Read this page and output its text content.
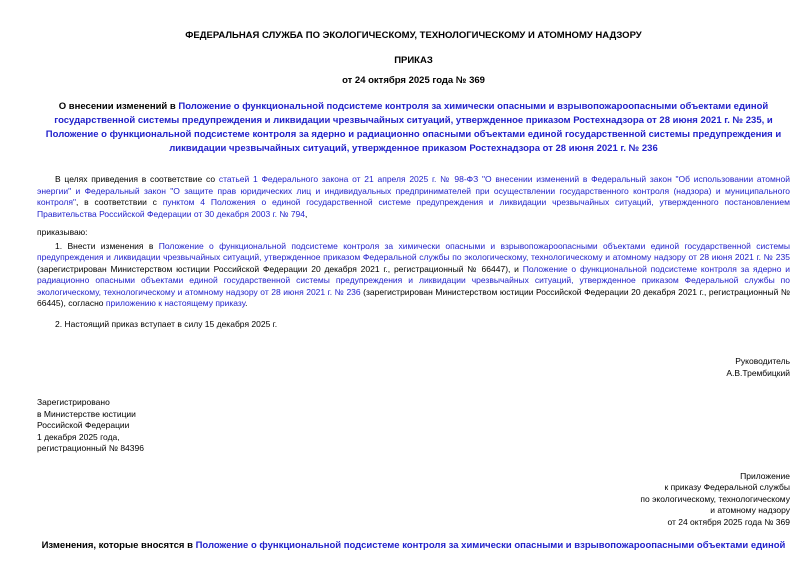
ФЕДЕРАЛЬНАЯ СЛУЖБА ПО ЭКОЛОГИЧЕСКОМУ, ТЕХНОЛОГИЧЕСКОМУ И АТОМНОМУ НАДЗОРУ
ПРИКАЗ
от 24 октября 2025 года № 369
О внесении изменений в Положение о функциональной подсистеме контроля за химически опасными и взрывопожароопасными объектами единой государственной системы предупреждения и ликвидации чрезвычайных ситуаций, утвержденное приказом Ростехнадзора от 28 июня 2021 г. № 235, и Положение о функциональной подсистеме контроля за ядерно и радиационно опасными объектами единой государственной системы предупреждения и ликвидации чрезвычайных ситуаций, утвержденное приказом Ростехнадзора от 28 июня 2021 г. № 236

В целях приведения в соответствие со статьей 1 Федерального закона от 21 апреля 2025 г. № 98-ФЗ "О внесении изменений в Федеральный закон "Об использовании атомной энергии" и Федеральный закон "О защите прав юридических лиц и индивидуальных предпринимателей при осуществлении государственного контроля (надзора) и муниципального контроля", в соответствии с пунктом 4 Положения о единой государственной системе предупреждения и ликвидации чрезвычайных ситуаций, утвержденного постановлением Правительства Российской Федерации от 30 декабря 2003 г. № 794,

приказываю:

1. Внести изменения в Положение о функциональной подсистеме контроля за химически опасными и взрывопожароопасными объектами единой государственной системы предупреждения и ликвидации чрезвычайных ситуаций, утвержденное приказом Федеральной службы по экологическому, технологическому и атомному надзору от 28 июня 2021 г. № 235 (зарегистрирован Министерством юстиции Российской Федерации 20 декабря 2021 г., регистрационный № 66447), и Положение о функциональной подсистеме контроля за ядерно и радиационно опасными объектами единой государственной системы предупреждения и ликвидации чрезвычайных ситуаций, утвержденное приказом Федеральной службы по экологическому, технологическому и атомному надзору от 28 июня 2021 г. № 236 (зарегистрирован Министерством юстиции Российской Федерации 20 декабря 2021 г., регистрационный № 66445), согласно приложению к настоящему приказу.

2. Настоящий приказ вступает в силу 15 декабря 2025 г.

Руководитель
А.В.Трембицкий
Зарегистрировано
в Министерстве юстиции
Российской Федерации
1 декабря 2025 года,
регистрационный № 84396
Приложение
к приказу Федеральной службы
по экологическому, технологическому
и атомному надзору
от 24 октября 2025 года № 369
Изменения, которые вносятся в Положение о функциональной подсистеме контроля за химически опасными и взрывопожароопасными объектами единой
